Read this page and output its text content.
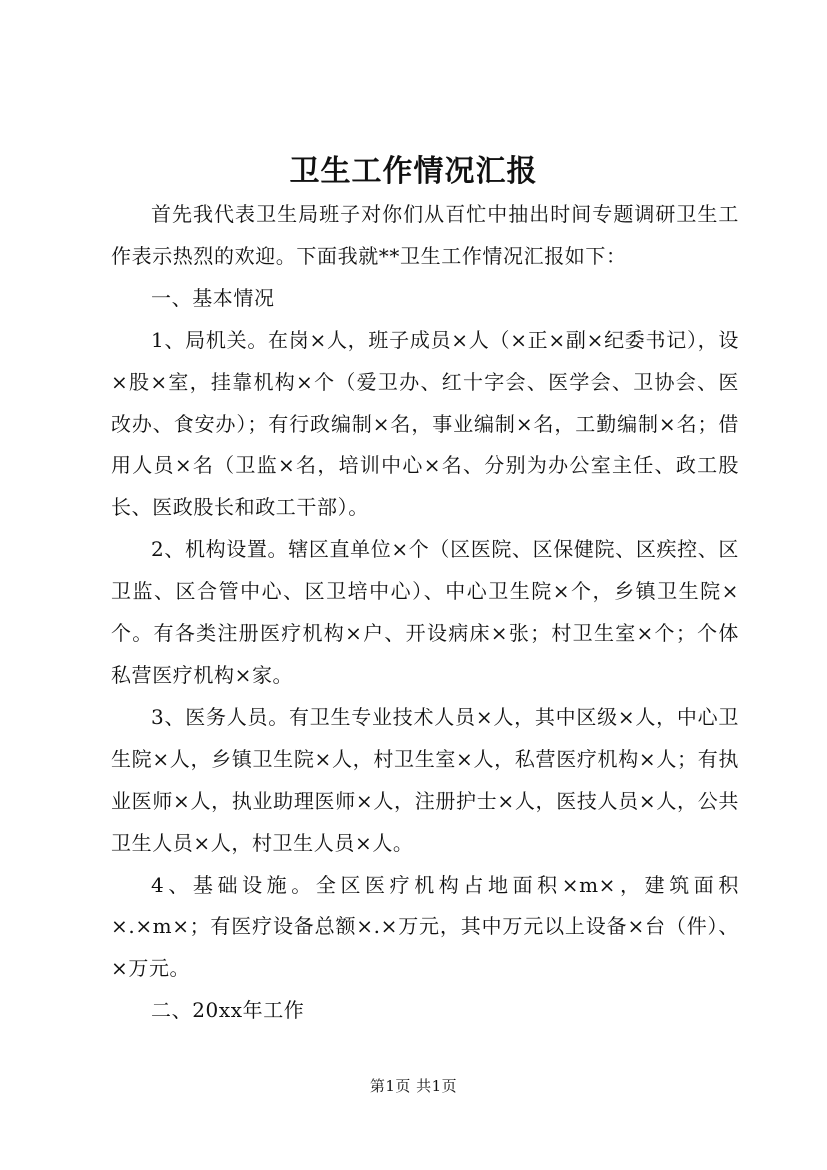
卫生工作情况汇报

首先我代表卫生局班子对你们从百忙中抽出时间专题调研卫生工作表示热烈的欢迎。下面我就**卫生工作情况汇报如下：

一、基本情况

1、局机关。在岗×人，班子成员×人（×正×副×纪委书记），设×股×室，挂靠机构×个（爱卫办、红十字会、医学会、卫协会、医改办、食安办）；有行政编制×名，事业编制×名，工勤编制×名；借用人员×名（卫监×名，培训中心×名、分别为办公室主任、政工股长、医政股长和政工干部）。

2、机构设置。辖区直单位×个（区医院、区保健院、区疾控、区卫监、区合管中心、区卫培中心）、中心卫生院×个，乡镇卫生院×个。有各类注册医疗机构×户、开设病床×张；村卫生室×个；个体私营医疗机构×家。

3、医务人员。有卫生专业技术人员×人，其中区级×人，中心卫生院×人，乡镇卫生院×人，村卫生室×人，私营医疗机构×人；有执业医师×人，执业助理医师×人，注册护士×人，医技人员×人，公共卫生人员×人，村卫生人员×人。

4、基础设施。全区医疗机构占地面积×m×，建筑面积×.×m×；有医疗设备总额×.×万元，其中万元以上设备×台（件）、×万元。

二、20xx年工作

第1页 共1页
